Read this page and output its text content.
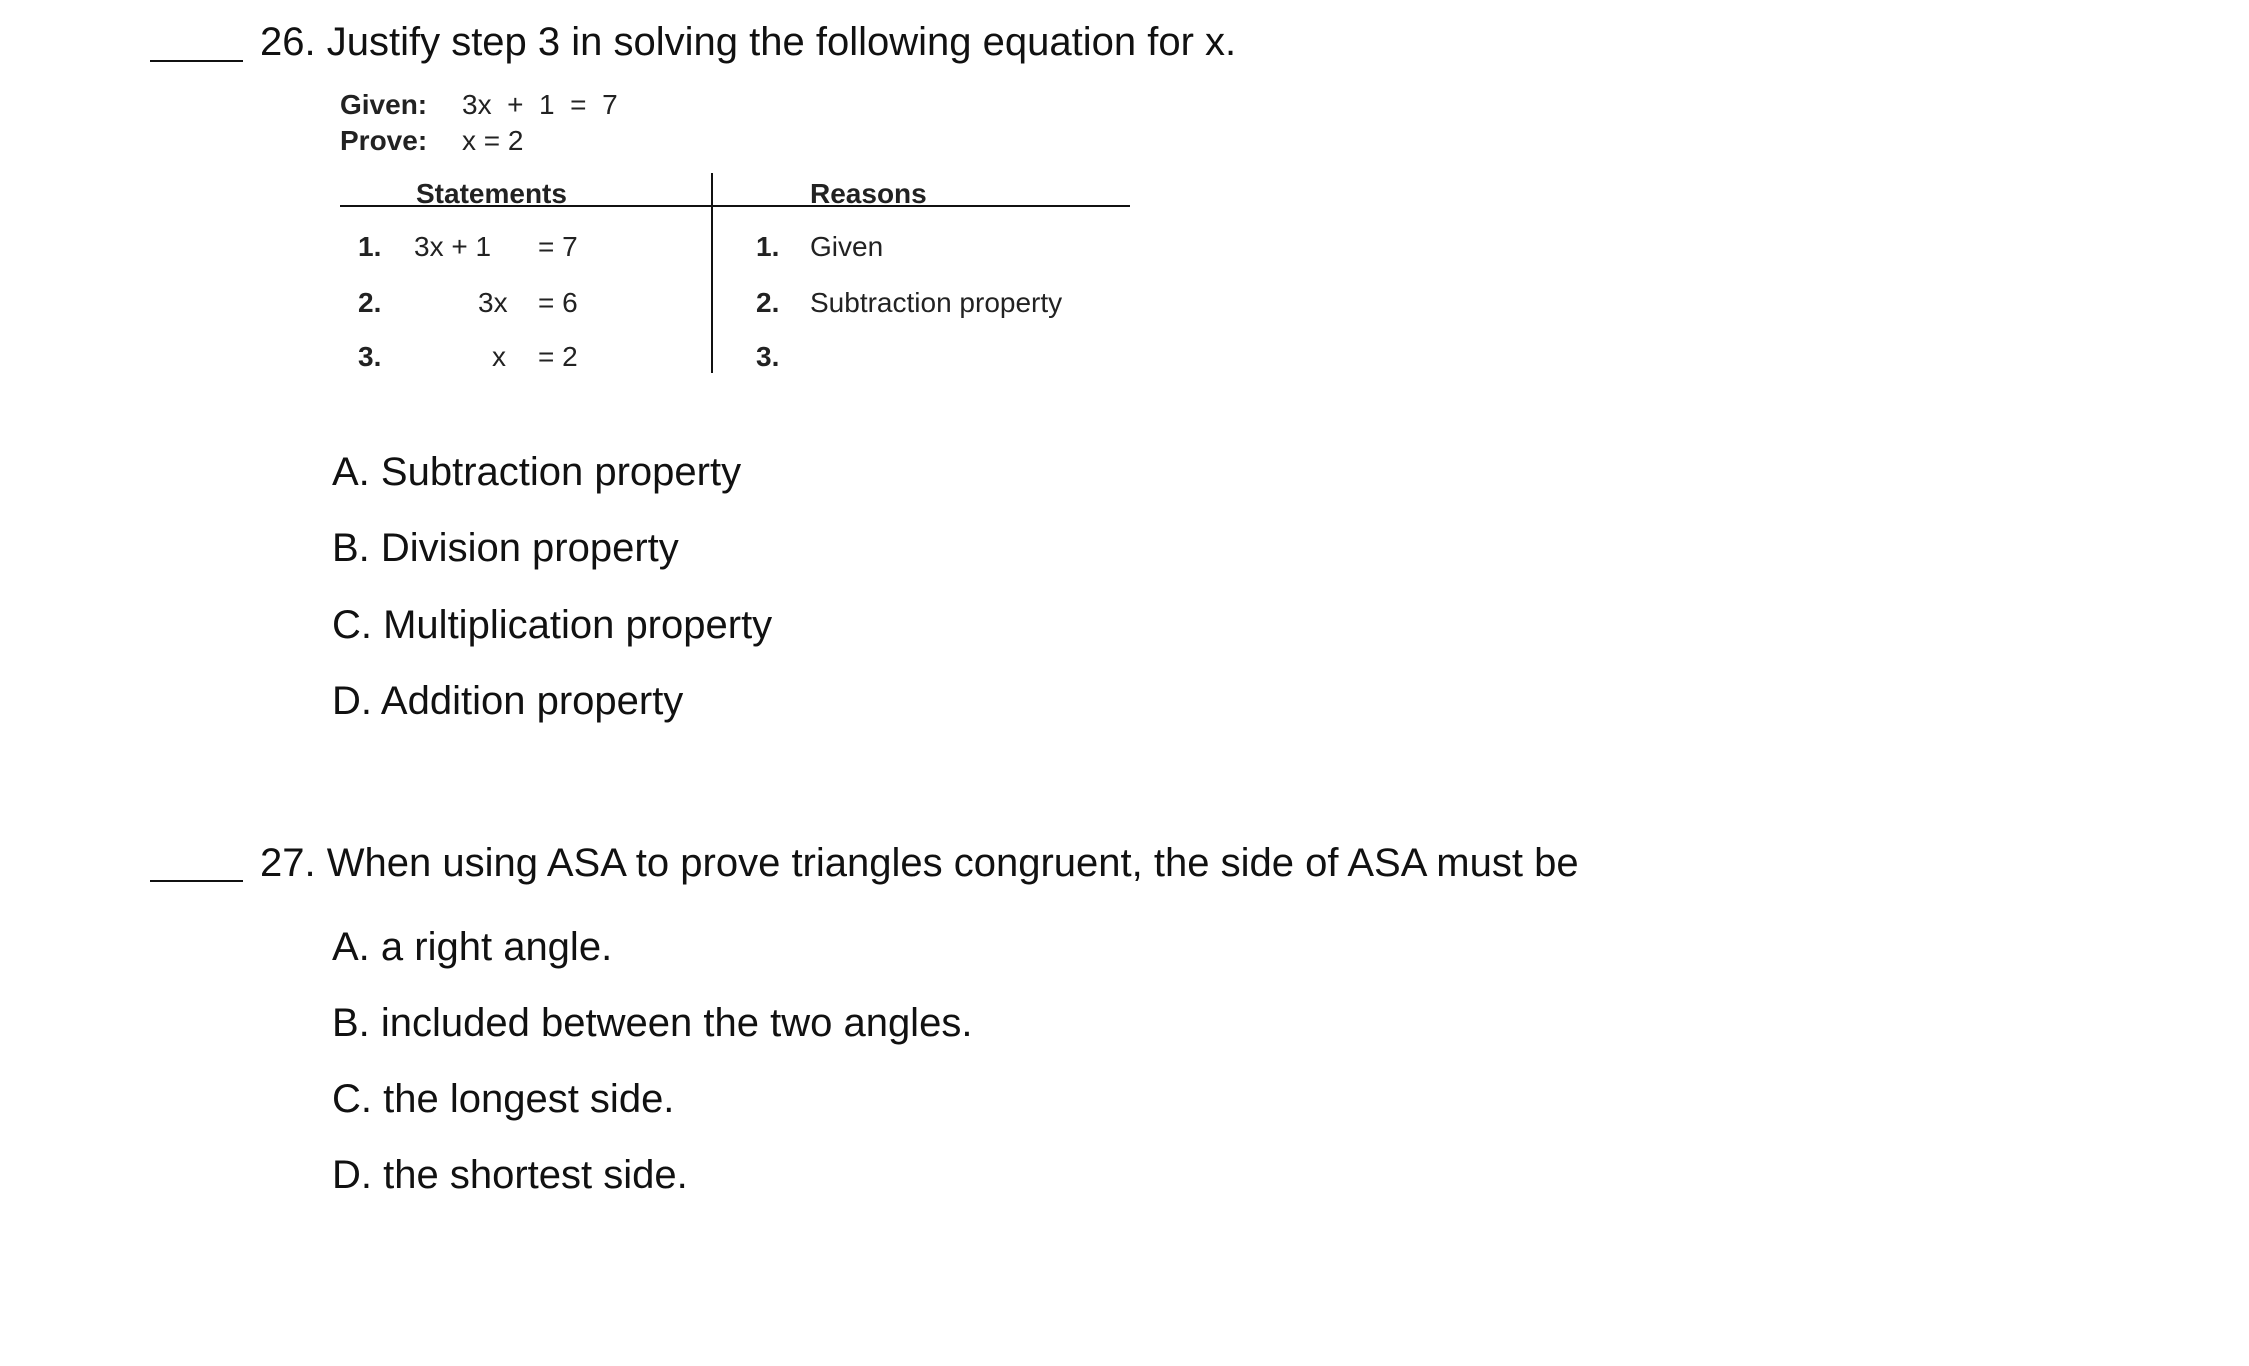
26. Justify step 3 in solving the following equation for x.
Given: 3x  +  1  =  7
Prove: x = 2
Statements	Reasons
1. 3x + 1 = 7	1. Given
2.	3x = 6	2. Subtraction property
3.	x = 2	3.
A. Subtraction property
B. Division property
C. Multiplication property
D. Addition property
27. When using ASA to prove triangles congruent, the side of ASA must be
A. a right angle.
B. included between the two angles.
C. the longest side.
D. the shortest side.
